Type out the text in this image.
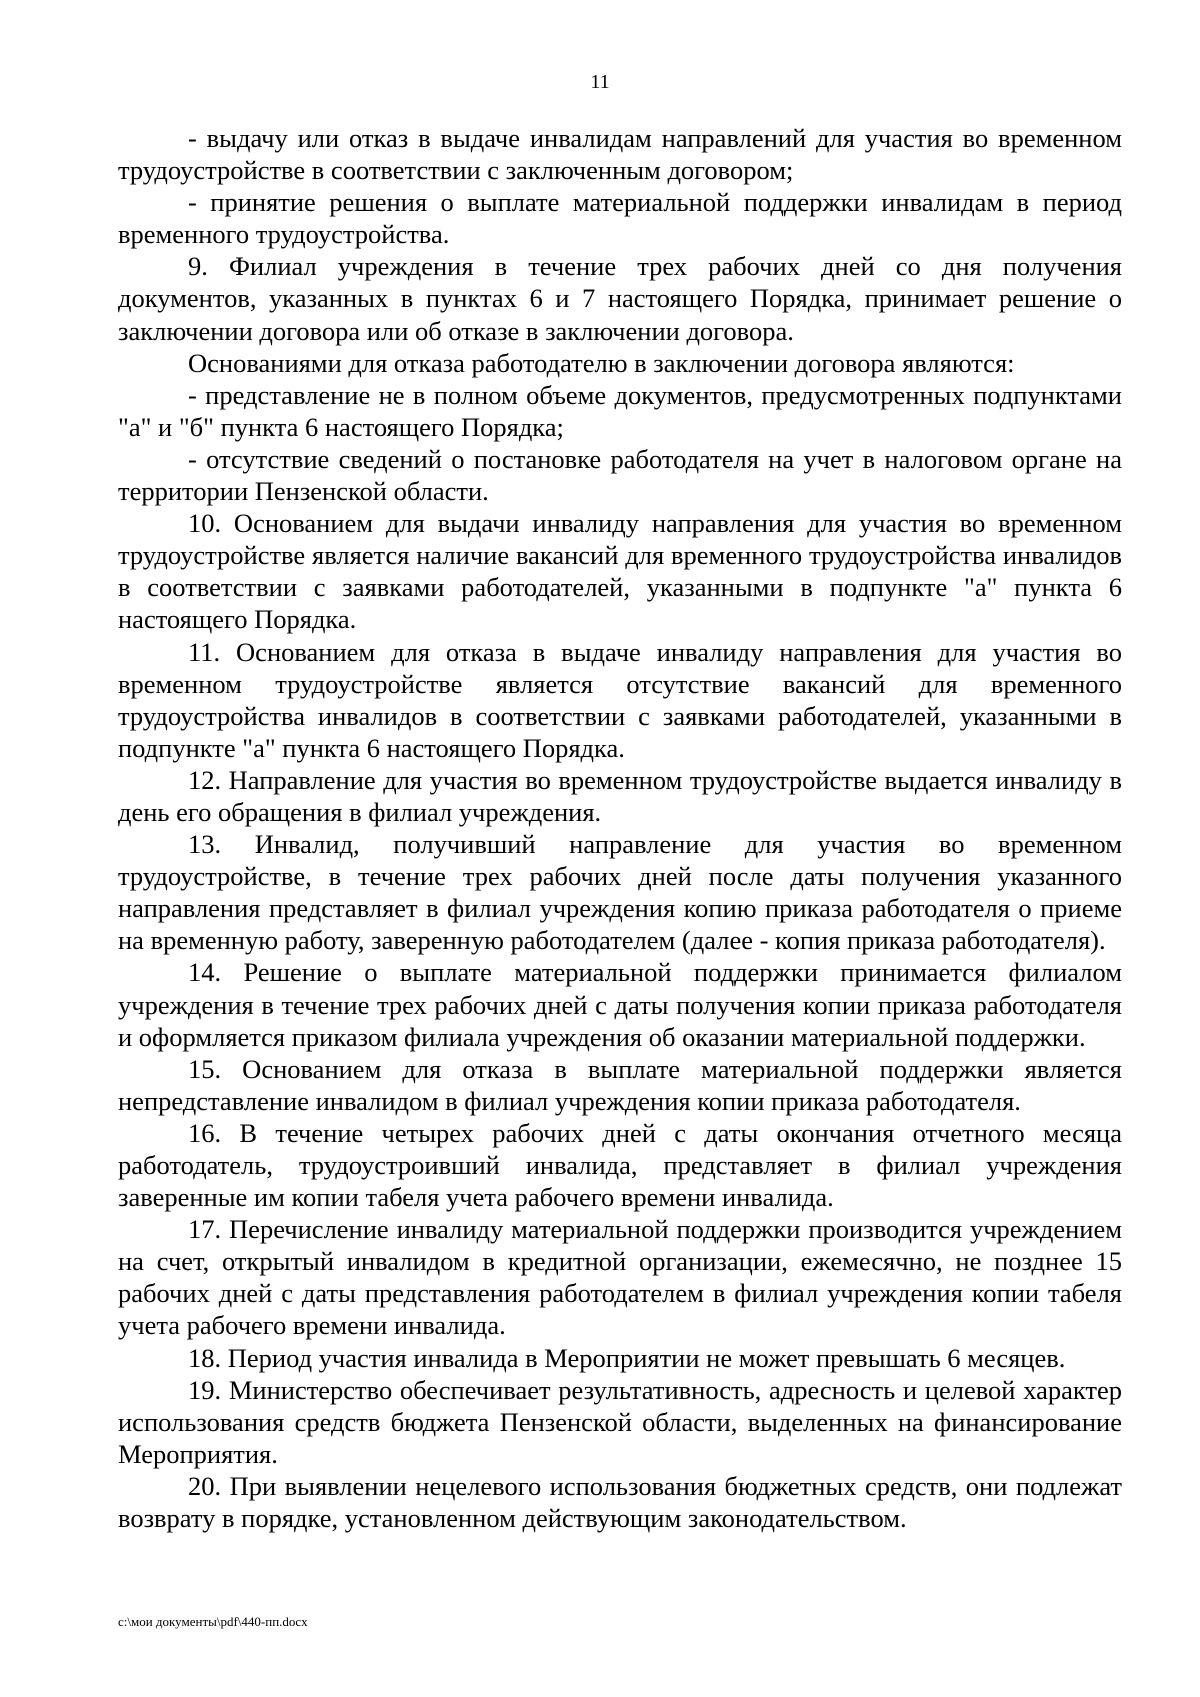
11

- выдачу или отказ в выдаче инвалидам направлений для участия во временном трудоустройстве в соответствии с заключенным договором;

- принятие решения о выплате материальной поддержки инвалидам в период временного трудоустройства.

9. Филиал учреждения в течение трех рабочих дней со дня получения документов, указанных в пунктах 6 и 7 настоящего Порядка, принимает решение о заключении договора или об отказе в заключении договора.

Основаниями для отказа работодателю в заключении договора являются:

- представление не в полном объеме документов, предусмотренных подпунктами "а" и "б" пункта 6 настоящего Порядка;

- отсутствие сведений о постановке работодателя на учет в налоговом органе на территории Пензенской области.

10. Основанием для выдачи инвалиду направления для участия во временном трудоустройстве является наличие вакансий для временного трудоустройства инвалидов в соответствии с заявками работодателей, указанными в подпункте "а" пункта 6 настоящего Порядка.

11. Основанием для отказа в выдаче инвалиду направления для участия во временном трудоустройстве является отсутствие вакансий для временного трудоустройства инвалидов в соответствии с заявками работодателей, указанными в подпункте "а" пункта 6 настоящего Порядка.

12. Направление для участия во временном трудоустройстве выдается инвалиду в день его обращения в филиал учреждения.

13. Инвалид, получивший направление для участия во временном трудоустройстве, в течение трех рабочих дней после даты получения указанного направления представляет в филиал учреждения копию приказа работодателя о приеме на временную работу, заверенную работодателем (далее - копия приказа работодателя).

14. Решение о выплате материальной поддержки принимается филиалом учреждения в течение трех рабочих дней с даты получения копии приказа работодателя и оформляется приказом филиала учреждения об оказании материальной поддержки.

15. Основанием для отказа в выплате материальной поддержки является непредставление инвалидом в филиал учреждения копии приказа работодателя.

16. В течение четырех рабочих дней с даты окончания отчетного месяца работодатель, трудоустроивший инвалида, представляет в филиал учреждения заверенные им копии табеля учета рабочего времени инвалида.

17. Перечисление инвалиду материальной поддержки производится учреждением на счет, открытый инвалидом в кредитной организации, ежемесячно, не позднее 15 рабочих дней с даты представления работодателем в филиал учреждения копии табеля учета рабочего времени инвалида.

18. Период участия инвалида в Мероприятии не может превышать 6 месяцев.

19. Министерство обеспечивает результативность, адресность и целевой характер использования средств бюджета Пензенской области, выделенных на финансирование Мероприятия.

20. При выявлении нецелевого использования бюджетных средств, они подлежат возврату в порядке, установленном действующим законодательством.

c:\мои документы\pdf\440-пп.docx
